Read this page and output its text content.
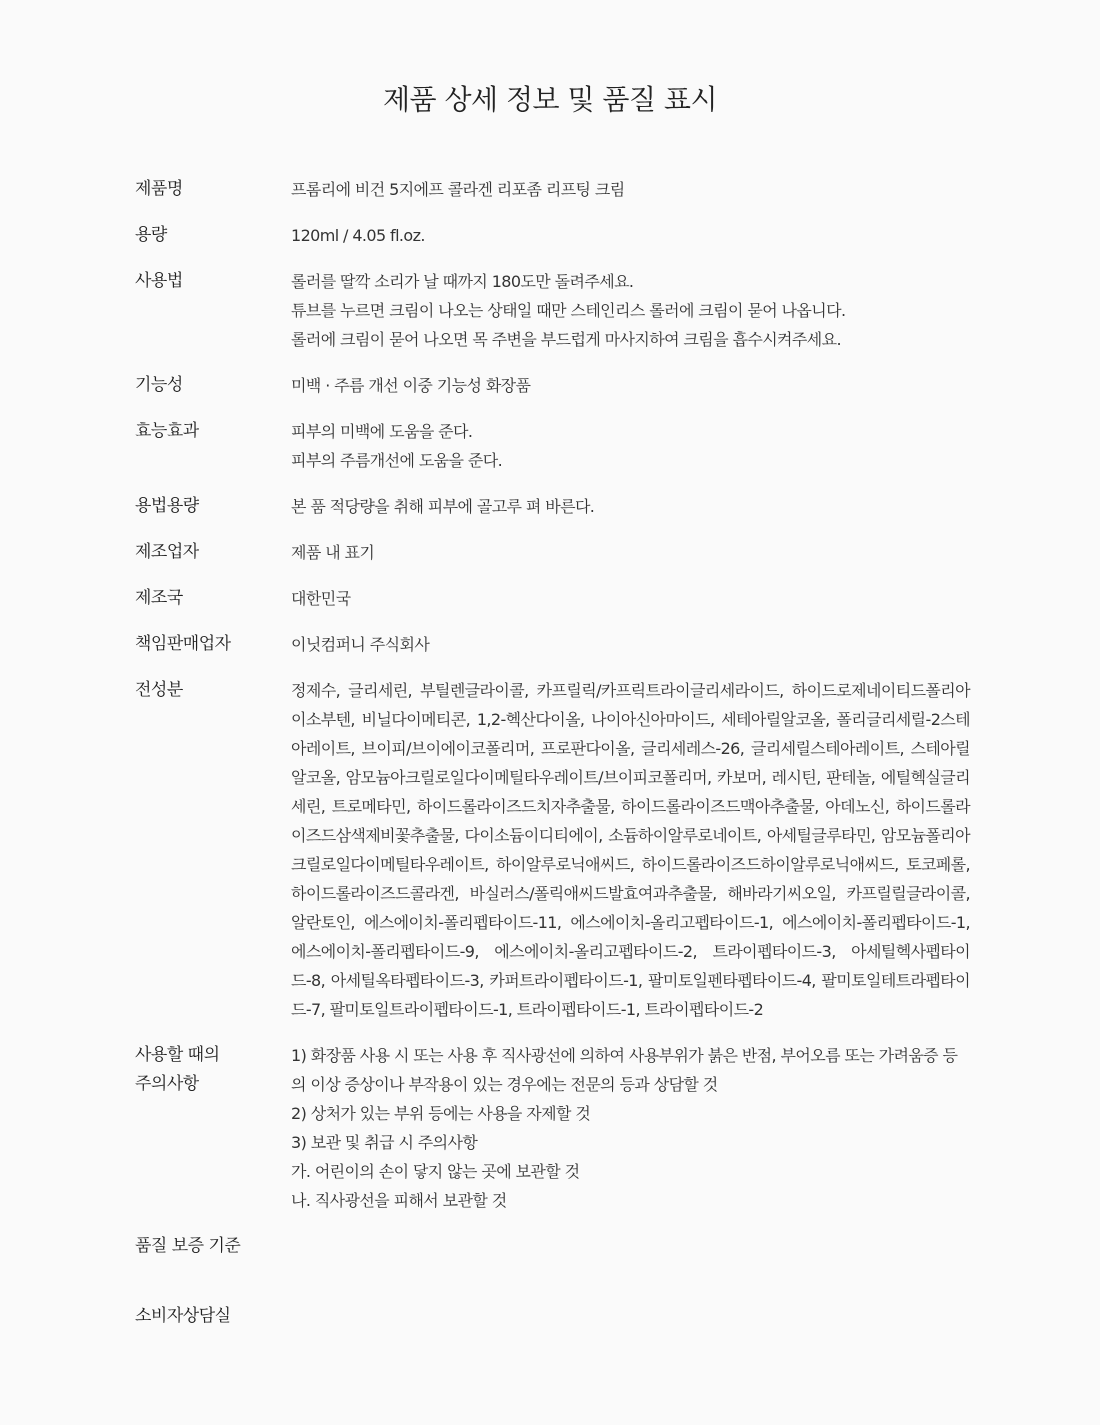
제품 상세 정보 및 품질 표시
제품명	프롬리에 비건 5지에프 콜라겐 리포좀 리프팅 크림
용량	120ml / 4.05 fl.oz.
사용법	롤러를 딸깍 소리가 날 때까지 180도만 돌려주세요.
튜브를 누르면 크림이 나오는 상태일 때만 스테인리스 롤러에 크림이 묻어 나옵니다.
롤러에 크림이 묻어 나오면 목 주변을 부드럽게 마사지하여 크림을 흡수시켜주세요.
기능성	미백 · 주름 개선 이중 기능성 화장품
효능효과	피부의 미백에 도움을 준다.
피부의 주름개선에 도움을 준다.
용법용량	본 품 적당량을 취해 피부에 골고루 펴 바른다.
제조업자	제품 내 표기
제조국	대한민국
책임판매업자	이닛컴퍼니 주식회사
전성분	정제수, 글리세린, 부틸렌글라이콜, 카프릴릭/카프릭트라이글리세라이드, 하이드로제네이티드폴리아이소부텐, 비닐다이메티콘, 1,2-헥산다이올, 나이아신아마이드, 세테아릴알코올, 폴리글리세릴-2스테아레이트, 브이피/브이에이코폴리머, 프로판다이올, 글리세레스-26, 글리세릴스테아레이트, 스테아릴알코올, 암모늄아크릴로일다이메틸타우레이트/브이피코폴리머, 카보머, 레시틴, 판테놀, 에틸헥실글리세린, 트로메타민, 하이드롤라이즈드치자추출물, 하이드롤라이즈드맥아추출물, 아데노신, 하이드롤라이즈드삼색제비꽃추출물, 다이소듐이디티에이, 소듐하이알루로네이트, 아세틸글루타민, 암모늄폴리아크릴로일다이메틸타우레이트, 하이알루로닉애씨드, 하이드롤라이즈드하이알루로닉애씨드, 토코페롤, 하이드롤라이즈드콜라겐, 바실러스/폴릭애씨드발효여과추출물, 해바라기씨오일, 카프릴릴글라이콜, 알란토인, 에스에이치-폴리펩타이드-11, 에스에이치-올리고펩타이드-1, 에스에이치-폴리펩타이드-1, 에스에이치-폴리펩타이드-9, 에스에이치-올리고펩타이드-2, 트라이펩타이드-3, 아세틸헥사펩타이드-8, 아세틸옥타펩타이드-3, 카퍼트라이펩타이드-1, 팔미토일펜타펩타이드-4, 팔미토일테트라펩타이드-7, 팔미토일트라이펩타이드-1, 트라이펩타이드-1, 트라이펩타이드-2
사용할 때의
주의사항
1) 화장품 사용 시 또는 사용 후 직사광선에 의하여 사용부위가 붉은 반점, 부어오름 또는 가려움증 등의 이상 증상이나 부작용이 있는 경우에는 전문의 등과 상담할 것
2) 상처가 있는 부위 등에는 사용을 자제할 것
3) 보관 및 취급 시 주의사항
가. 어린이의 손이 닿지 않는 곳에 보관할 것
나. 직사광선을 피해서 보관할 것
품질 보증 기준
소비자상담실
